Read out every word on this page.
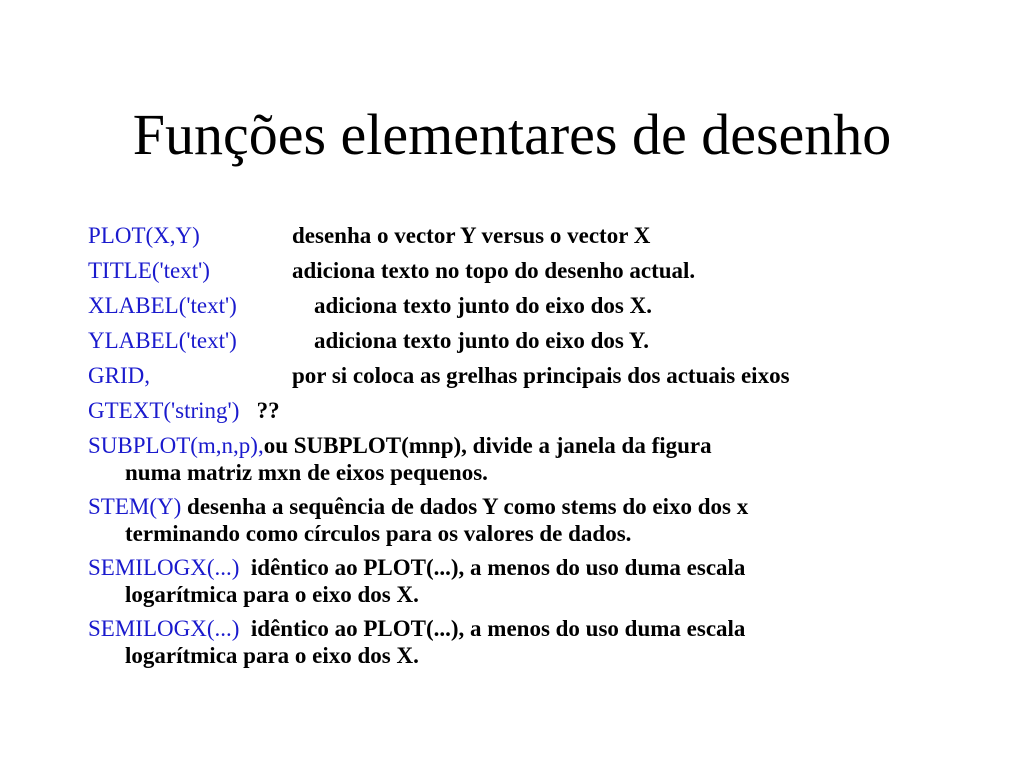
Funções elementares de desenho

PLOT(X,Y)	desenha o vector Y versus o vector X

TITLE('text')	adiciona texto no topo do desenho actual.

XLABEL('text')	adiciona texto junto do eixo dos X.

YLABEL('text')	adiciona texto junto do eixo dos Y.

GRID,	por si coloca as grelhas principais dos actuais eixos

GTEXT('string') ??

SUBPLOT(m,n,p),ou SUBPLOT(mnp), divide a janela da figura
numa matriz mxn de eixos pequenos.

STEM(Y) desenha a sequência de dados Y como stems do eixo dos x
terminando como círculos para os valores de dados.

SEMILOGX(...) idêntico ao PLOT(...), a menos do uso duma escala
logarítmica para o eixo dos X.

SEMILOGX(...) idêntico ao PLOT(...), a menos do uso duma escala
logarítmica para o eixo dos X.
